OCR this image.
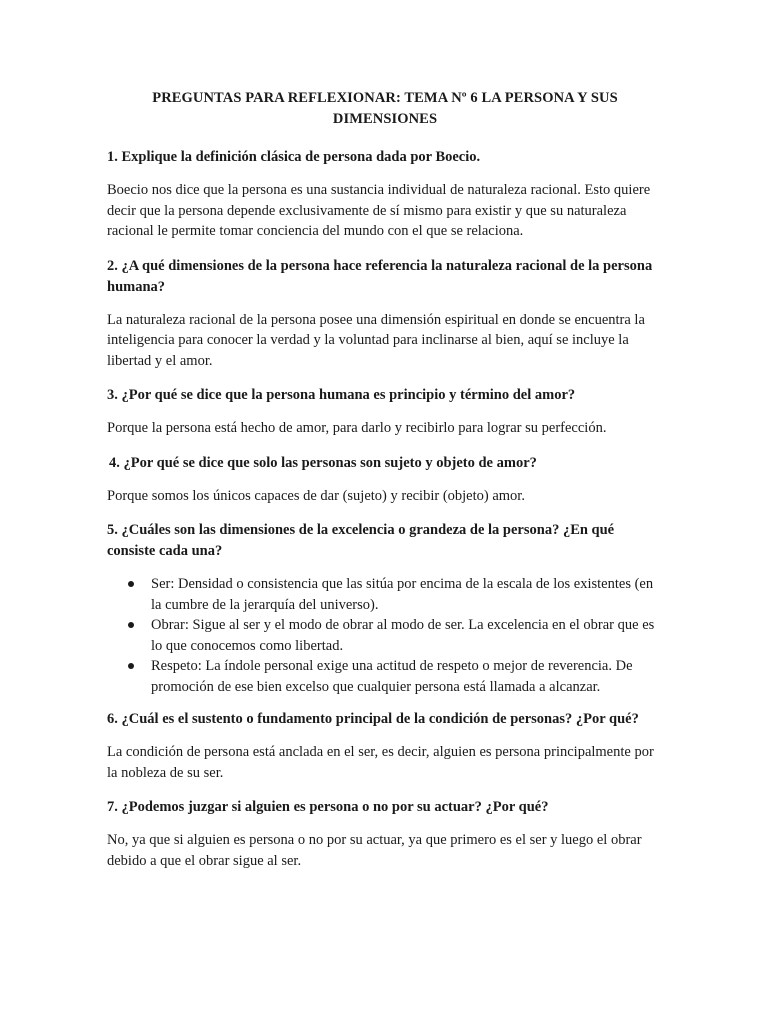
PREGUNTAS PARA REFLEXIONAR: TEMA Nº 6 LA PERSONA Y SUS DIMENSIONES
1. Explique la definición clásica de persona dada por Boecio.
Boecio nos dice que la persona es una sustancia individual de naturaleza racional. Esto quiere decir que la persona depende exclusivamente de sí mismo para existir y que su naturaleza racional le permite tomar conciencia del mundo con el que se relaciona.
2. ¿A qué dimensiones de la persona hace referencia la naturaleza racional de la persona humana?
La naturaleza racional de la persona posee una dimensión espiritual en donde se encuentra la inteligencia para conocer la verdad y la voluntad para inclinarse al bien, aquí se incluye la libertad y el amor.
3. ¿Por qué se dice que la persona humana es principio y término del amor?
Porque la persona está hecho de amor, para darlo y recibirlo para lograr su perfección.
4. ¿Por qué se dice que solo las personas son sujeto y objeto de amor?
Porque somos los únicos capaces de dar (sujeto) y recibir (objeto) amor.
5. ¿Cuáles son las dimensiones de la excelencia o grandeza de la persona? ¿En qué consiste cada una?
Ser: Densidad o consistencia que las sitúa por encima de la escala de los existentes (en la cumbre de la jerarquía del universo).
Obrar: Sigue al ser y el modo de obrar al modo de ser. La excelencia en el obrar que es lo que conocemos como libertad.
Respeto: La índole personal exige una actitud de respeto o mejor de reverencia. De promoción de ese bien excelso que cualquier persona está llamada a alcanzar.
6. ¿Cuál es el sustento o fundamento principal de la condición de personas? ¿Por qué?
La condición de persona está anclada en el ser, es decir, alguien es persona principalmente por la nobleza de su ser.
7. ¿Podemos juzgar si alguien es persona o no por su actuar? ¿Por qué?
No, ya que si alguien es persona o no por su actuar, ya que primero es el ser y luego el obrar debido a que el obrar sigue al ser.
